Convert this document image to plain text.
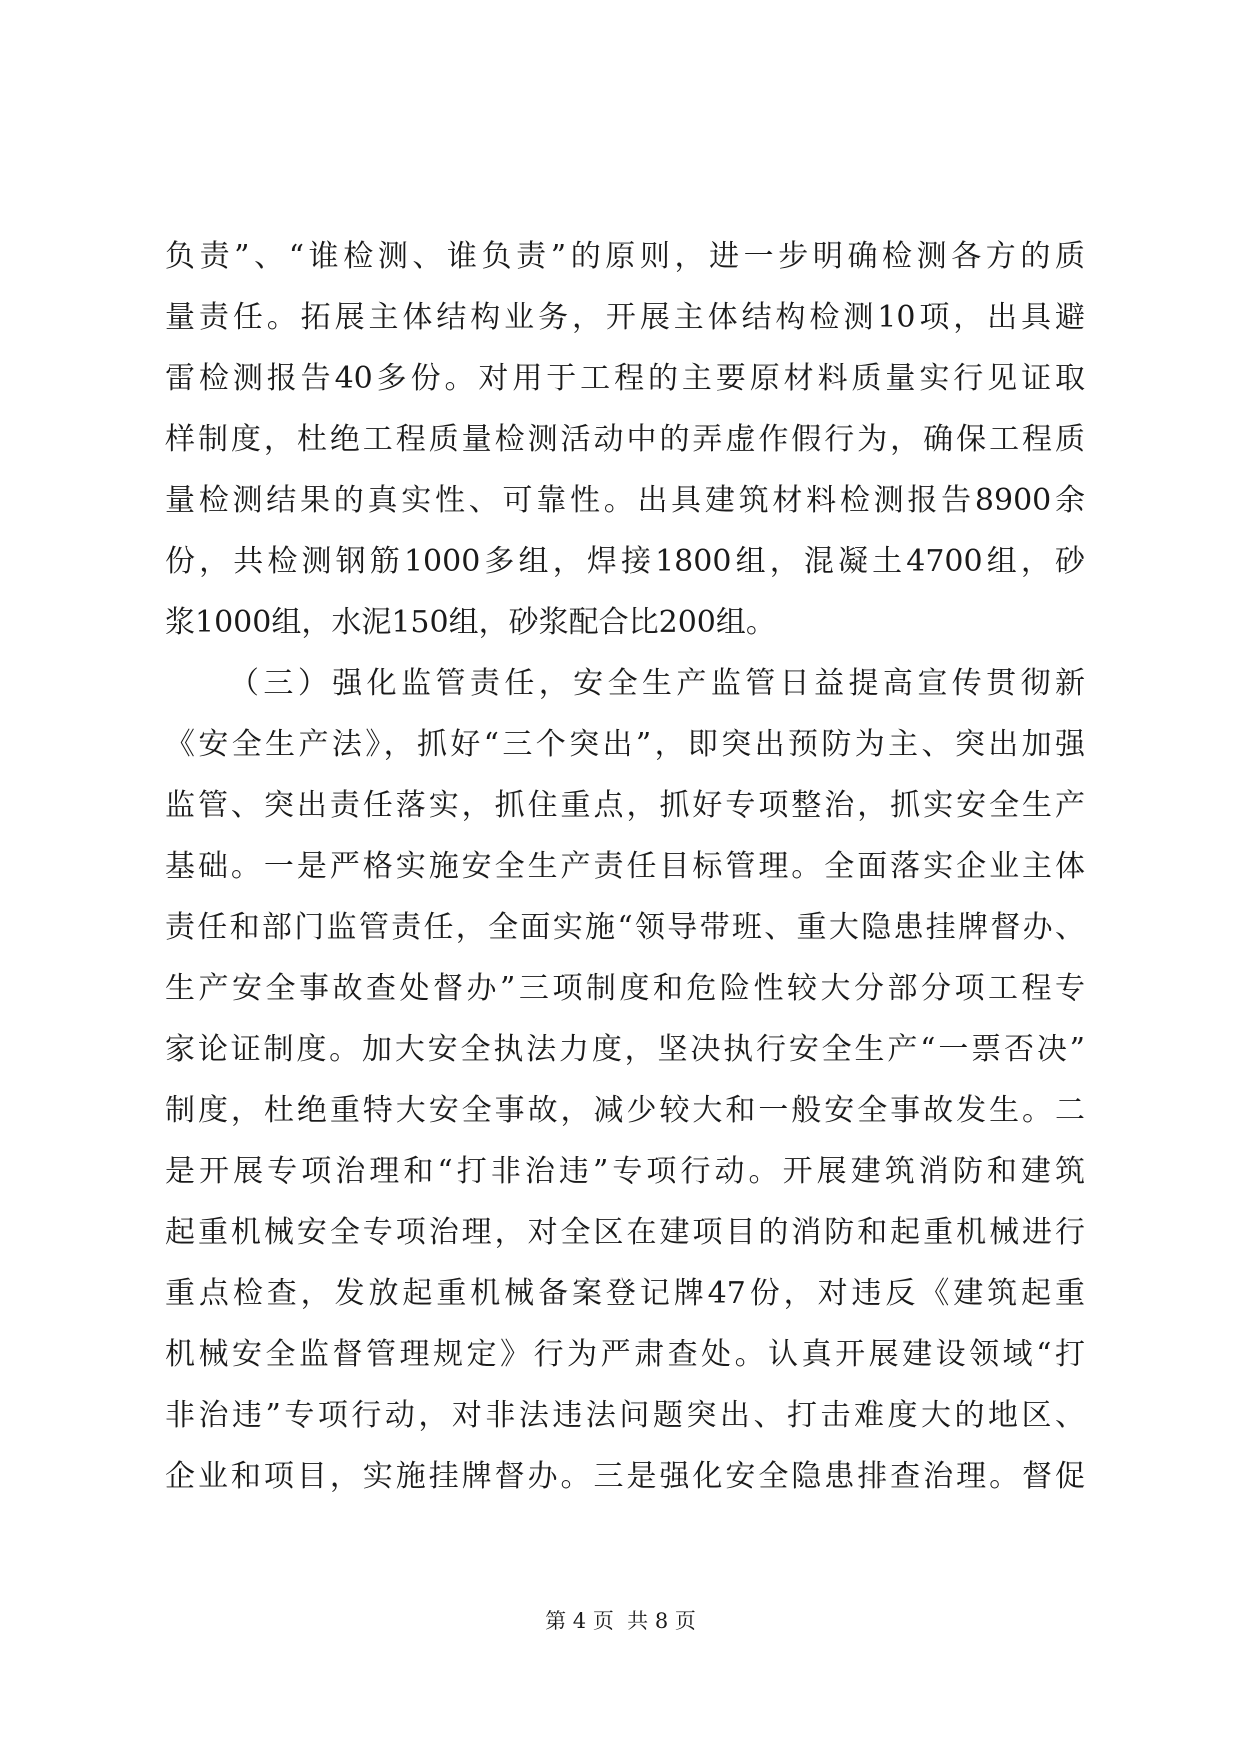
负责”、“谁检测、谁负责”的原则，进一步明确检测各方的质
量责任。拓展主体结构业务，开展主体结构检测10项，出具避
雷检测报告40多份。对用于工程的主要原材料质量实行见证取
样制度，杜绝工程质量检测活动中的弄虚作假行为，确保工程质
量检测结果的真实性、可靠性。出具建筑材料检测报告8900余
份，共检测钢筋1000多组，焊接1800组，混凝土4700组，砂
浆1000组，水泥150组，砂浆配合比200组。
（三）强化监管责任，安全生产监管日益提高宣传贯彻新
《安全生产法》，抓好“三个突出”，即突出预防为主、突出加强
监管、突出责任落实，抓住重点，抓好专项整治，抓实安全生产
基础。一是严格实施安全生产责任目标管理。全面落实企业主体
责任和部门监管责任，全面实施“领导带班、重大隐患挂牌督办、
生产安全事故查处督办”三项制度和危险性较大分部分项工程专
家论证制度。加大安全执法力度，坚决执行安全生产“一票否决”
制度，杜绝重特大安全事故，减少较大和一般安全事故发生。二
是开展专项治理和“打非治违”专项行动。开展建筑消防和建筑
起重机械安全专项治理，对全区在建项目的消防和起重机械进行
重点检查，发放起重机械备案登记牌47份，对违反《建筑起重
机械安全监督管理规定》行为严肃查处。认真开展建设领域“打
非治违”专项行动，对非法违法问题突出、打击难度大的地区、
企业和项目，实施挂牌督办。三是强化安全隐患排查治理。督促
第 4 页  共 8 页
